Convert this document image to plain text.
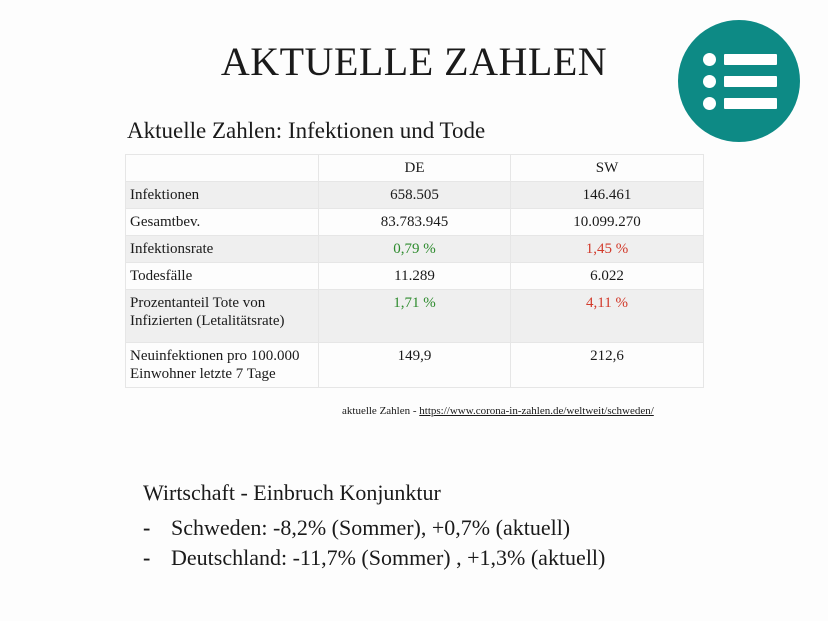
AKTUELLE ZAHLEN
Aktuelle Zahlen: Infektionen und Tode
	DE	SW
Infektionen	658.505	146.461
Gesamtbev.	83.783.945	10.099.270
Infektionsrate	0,79 %	1,45 %
Todesfälle	11.289	6.022
Prozentanteil Tote von Infizierten (Letalitätsrate)	1,71 %	4,11 %
Neuinfektionen pro 100.000 Einwohner letzte 7 Tage	149,9	212,6
aktuelle Zahlen - https://www.corona-in-zahlen.de/weltweit/schweden/
Wirtschaft - Einbruch Konjunktur
- Schweden: -8,2% (Sommer), +0,7% (aktuell)
- Deutschland: -11,7% (Sommer) , +1,3% (aktuell)
